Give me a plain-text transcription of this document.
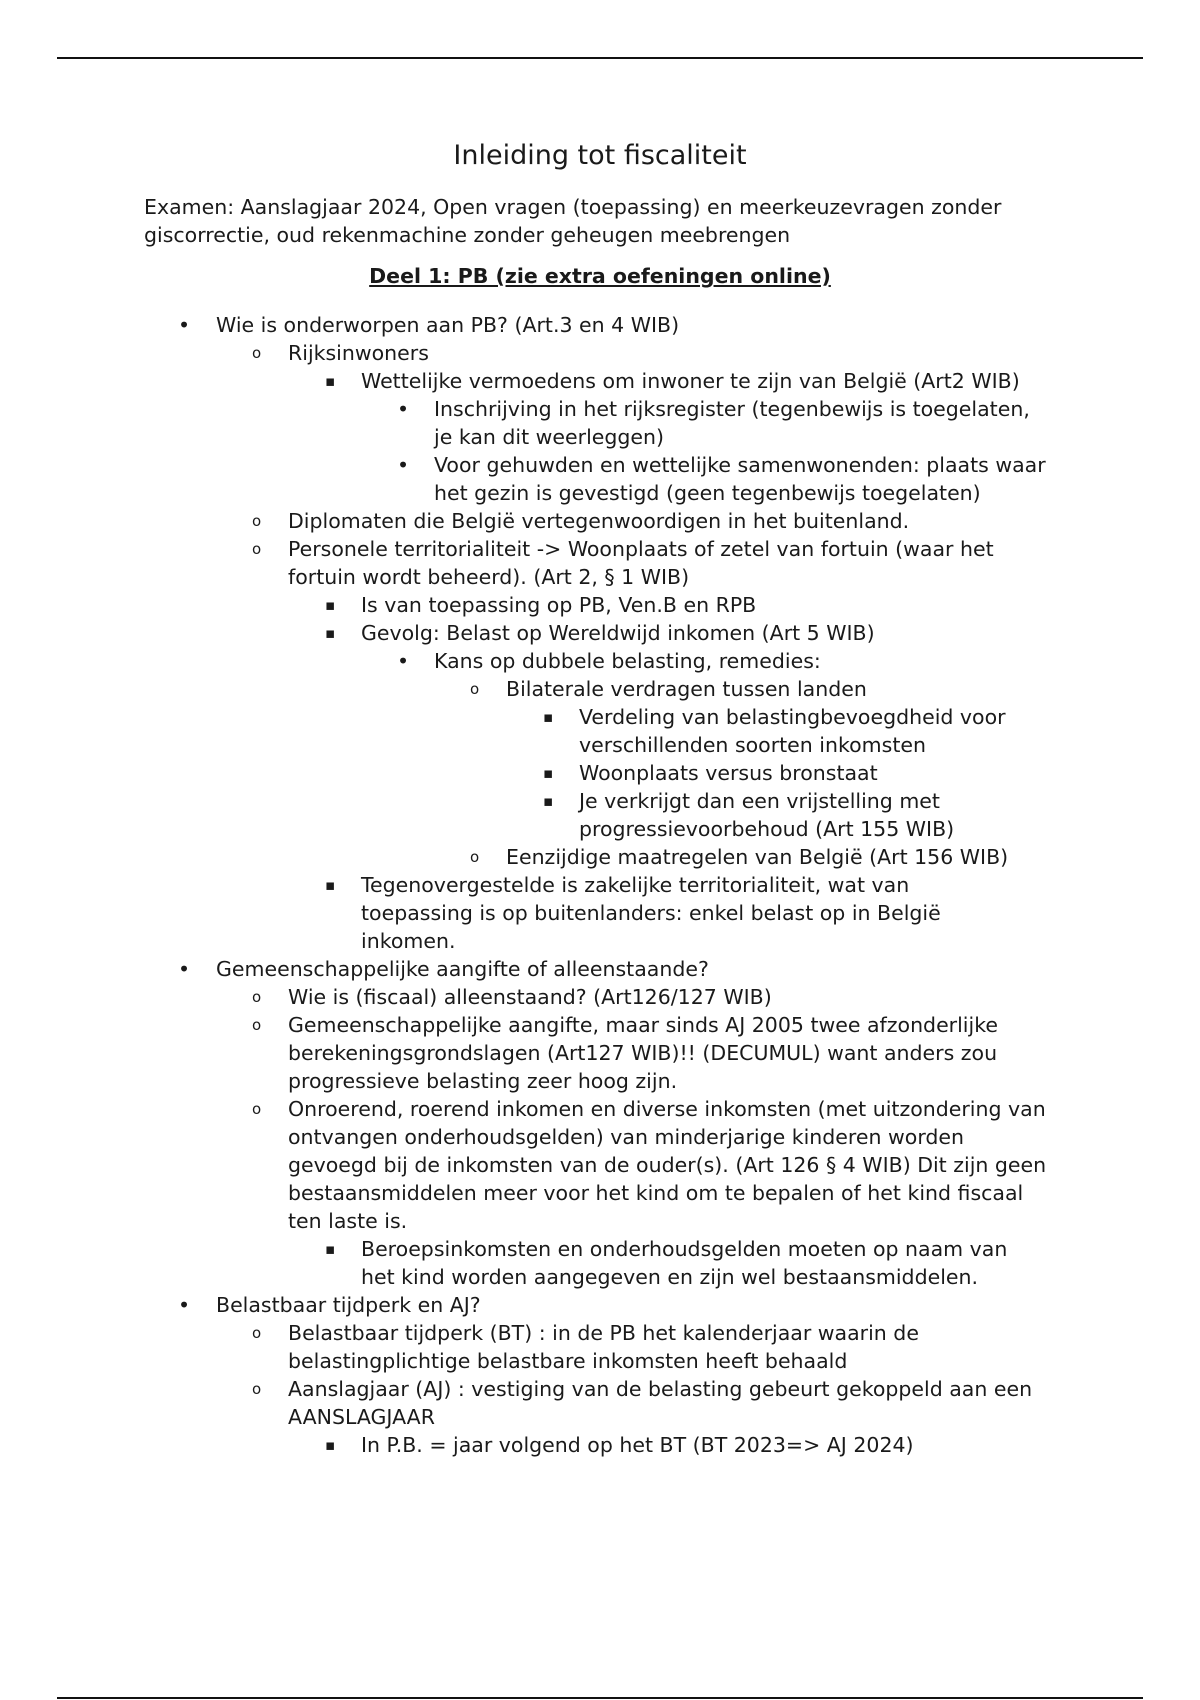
Inleiding tot fiscaliteit
Examen: Aanslagjaar 2024, Open vragen (toepassing) en meerkeuzevragen zonder giscorrectie, oud rekenmachine zonder geheugen meebrengen
Deel 1: PB (zie extra oefeningen online)
• Wie is onderworpen aan PB? (Art.3 en 4 WIB)
o Rijksinwoners
▪ Wettelijke vermoedens om inwoner te zijn van België (Art2 WIB)
• Inschrijving in het rijksregister (tegenbewijs is toegelaten, je kan dit weerleggen)
• Voor gehuwden en wettelijke samenwonenden: plaats waar het gezin is gevestigd (geen tegenbewijs toegelaten)
o Diplomaten die België vertegenwoordigen in het buitenland.
o Personele territorialiteit -> Woonplaats of zetel van fortuin (waar het fortuin wordt beheerd). (Art 2, § 1 WIB)
▪ Is van toepassing op PB, Ven.B en RPB
▪ Gevolg: Belast op Wereldwijd inkomen (Art 5 WIB)
• Kans op dubbele belasting, remedies:
o Bilaterale verdragen tussen landen
▪ Verdeling van belastingbevoegdheid voor verschillenden soorten inkomsten
▪ Woonplaats versus bronstaat
▪ Je verkrijgt dan een vrijstelling met progressievoorbehoud (Art 155 WIB)
o Eenzijdige maatregelen van België (Art 156 WIB)
▪ Tegenovergestelde is zakelijke territorialiteit, wat van toepassing is op buitenlanders: enkel belast op in België inkomen.
• Gemeenschappelijke aangifte of alleenstaande?
o Wie is (fiscaal) alleenstaand? (Art126/127 WIB)
o Gemeenschappelijke aangifte, maar sinds AJ 2005 twee afzonderlijke berekeningsgrondslagen (Art127 WIB)!! (DECUMUL) want anders zou progressieve belasting zeer hoog zijn.
o Onroerend, roerend inkomen en diverse inkomsten (met uitzondering van ontvangen onderhoudsgelden) van minderjarige kinderen worden gevoegd bij de inkomsten van de ouder(s). (Art 126 § 4 WIB) Dit zijn geen bestaansmiddelen meer voor het kind om te bepalen of het kind fiscaal ten laste is.
▪ Beroepsinkomsten en onderhoudsgelden moeten op naam van het kind worden aangegeven en zijn wel bestaansmiddelen.
• Belastbaar tijdperk en AJ?
o Belastbaar tijdperk (BT) : in de PB het kalenderjaar waarin de belastingplichtige belastbare inkomsten heeft behaald
o Aanslagjaar (AJ) : vestiging van de belasting gebeurt gekoppeld aan een AANSLAGJAAR
▪ In P.B. = jaar volgend op het BT (BT 2023=> AJ 2024)
